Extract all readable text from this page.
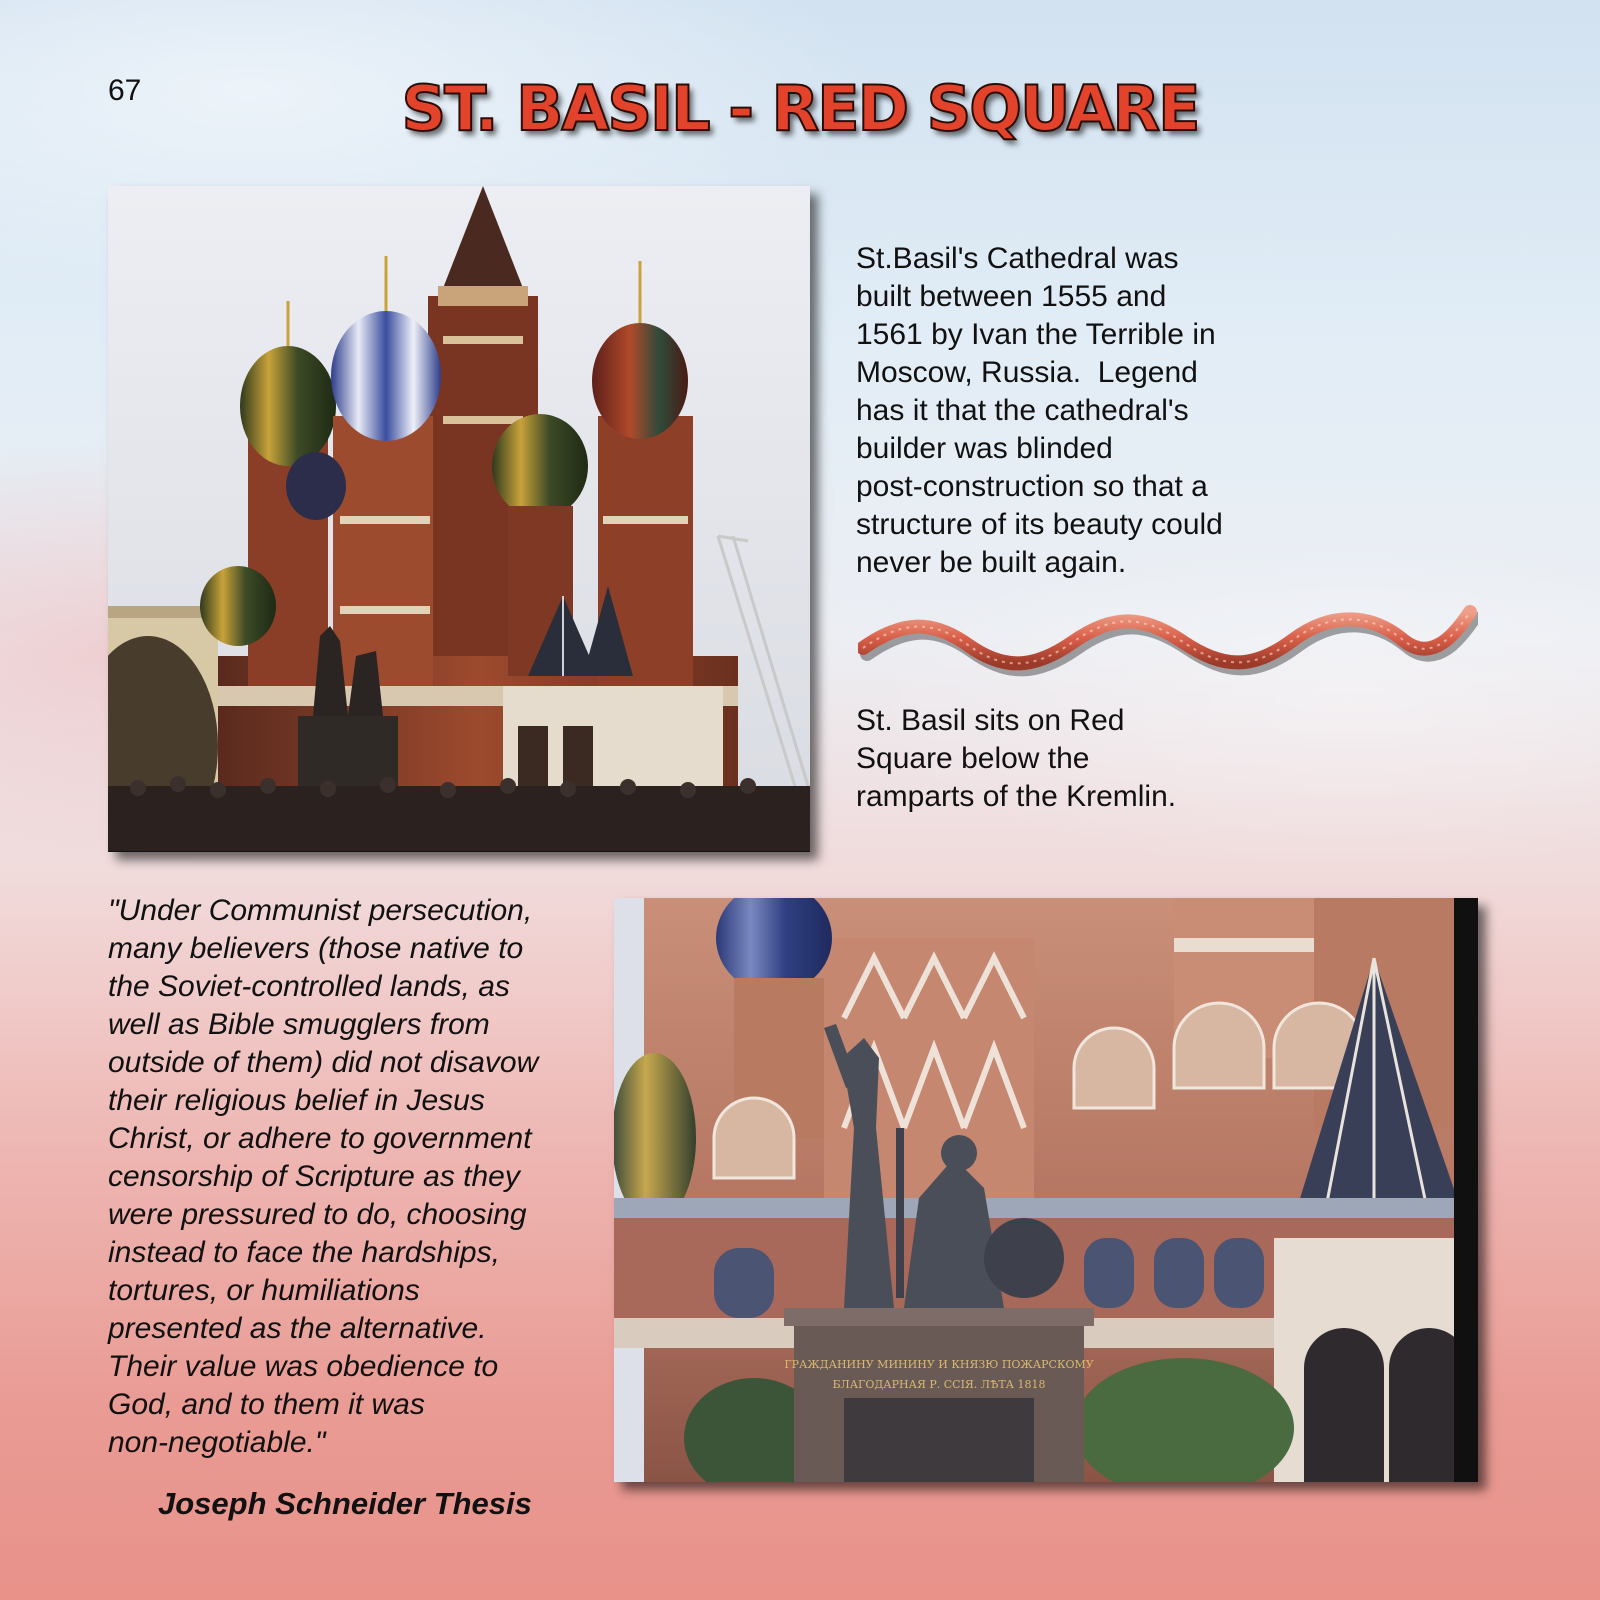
67	ST. BASIL - RED SQUARE
St.Basil's Cathedral was
built between 1555 and
1561 by Ivan the Terrible in
Moscow, Russia.  Legend
has it that the cathedral's
builder was blinded
post-construction so that a
structure of its beauty could
never be built again.
St. Basil sits on Red
Square below the
ramparts of the Kremlin.
"Under Communist persecution,
many believers (those native to
the Soviet-controlled lands, as
well as Bible smugglers from
outside of them) did not disavow
their religious belief in Jesus
Christ, or adhere to government
censorship of Scripture as they
were pressured to do, choosing
instead to face the hardships,
tortures, or humiliations
presented as the alternative.
Their value was obedience to
God, and to them it was
non-negotiable."
Joseph Schneider Thesis
ГРАЖДАНИНУ МИНИНУ И КНЯЗЮ ПОЖАРСКОМУ
БЛАГОДАРНАЯ Р. ССІЯ. ЛѢТА 1818
